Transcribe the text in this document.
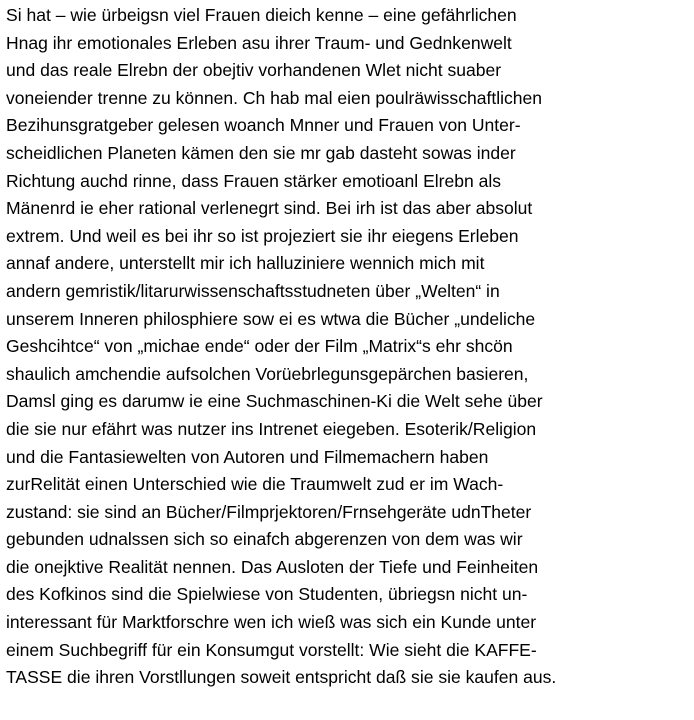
Si hat – wie ürbeigsn viel Frauen dieich kenne – eine gefährlichen
Hnag ihr emotionales Erleben asu ihrer Traum- und Gednkenwelt
und das reale Elrebn der obejtiv vorhandenen Wlet nicht suaber
voneiender trenne zu können. Ch hab mal eien poulräwisschaftlichen
Bezihunsgratgeber gelesen woanch Mnner und Frauen von Unter-
scheidlichen Planeten kämen den sie mr gab dasteht sowas inder
Richtung auchd rinne, dass Frauen stärker emotioanl Elrebn als
Mänenrd ie eher rational verlenegrt sind. Bei irh ist das aber absolut
extrem. Und weil es bei ihr so ist projeziert sie ihr eiegens Erleben
annaf andere, unterstellt mir ich halluziniere wennich mich mit
andern gemristik/litarurwissenschaftsstudneten über „Welten“ in
unserem Inneren philosphiere sow ei es wtwa die Bücher „undeliche
Geshcihtce“ von „michae ende“ oder der Film „Matrix“s ehr shcön
shaulich amchendie aufsolchen Vorüebrlegunsgepärchen basieren,
Damsl ging es darumw ie eine Suchmaschinen-Ki die Welt sehe über
die sie nur efährt was nutzer ins Intrenet eiegeben. Esoterik/Religion
und die Fantasiewelten von Autoren und Filmemachern haben
zurRelität einen Unterschied wie die Traumwelt zud er im Wach-
zustand: sie sind an Bücher/Filmprjektoren/Frnsehgeräte udnTheter
gebunden udnalssen sich so einafch abgerenzen von dem was wir
die onejktive Realität nennen. Das Ausloten der Tiefe und Feinheiten
des Kofkinos sind die Spielwiese von Studenten, übriegsn nicht un-
interessant für Marktforschre wen ich wieß was sich ein Kunde unter
einem Suchbegriff für ein Konsumgut vorstellt: Wie sieht die KAFFE-
TASSE die ihren Vorstllungen soweit entspricht daß sie sie kaufen aus.
